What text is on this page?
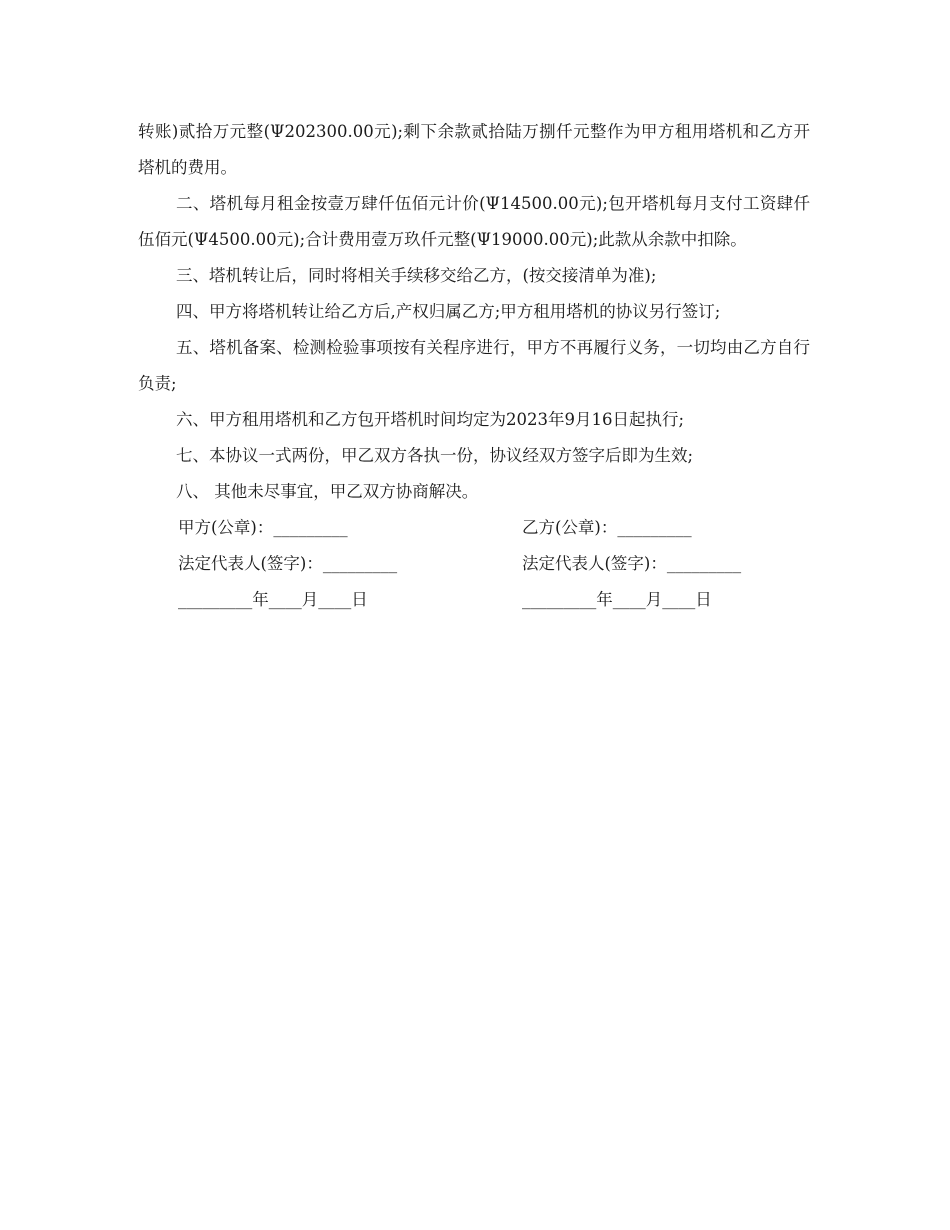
转账)贰拾万元整(Ψ202300.00元);剩下余款贰拾陆万捌仟元整作为甲方租用塔机和乙方开塔机的费用。

二、塔机每月租金按壹万肆仟伍佰元计价(Ψ14500.00元);包开塔机每月支付工资肆仟伍佰元(Ψ4500.00元);合计费用壹万玖仟元整(Ψ19000.00元);此款从余款中扣除。

三、塔机转让后，同时将相关手续移交给乙方，(按交接清单为准);

四、甲方将塔机转让给乙方后,产权归属乙方;甲方租用塔机的协议另行签订;

五、塔机备案、检测检验事项按有关程序进行，甲方不再履行义务，一切均由乙方自行负责;

六、甲方租用塔机和乙方包开塔机时间均定为2023年9月16日起执行;

七、本协议一式两份，甲乙双方各执一份，协议经双方签字后即为生效;

八、 其他未尽事宜，甲乙双方协商解决。

甲方(公章)：_________	乙方(公章)：_________
法定代表人(签字)：_________	法定代表人(签字)：_________
_________年____月____日	_________年____月____日
